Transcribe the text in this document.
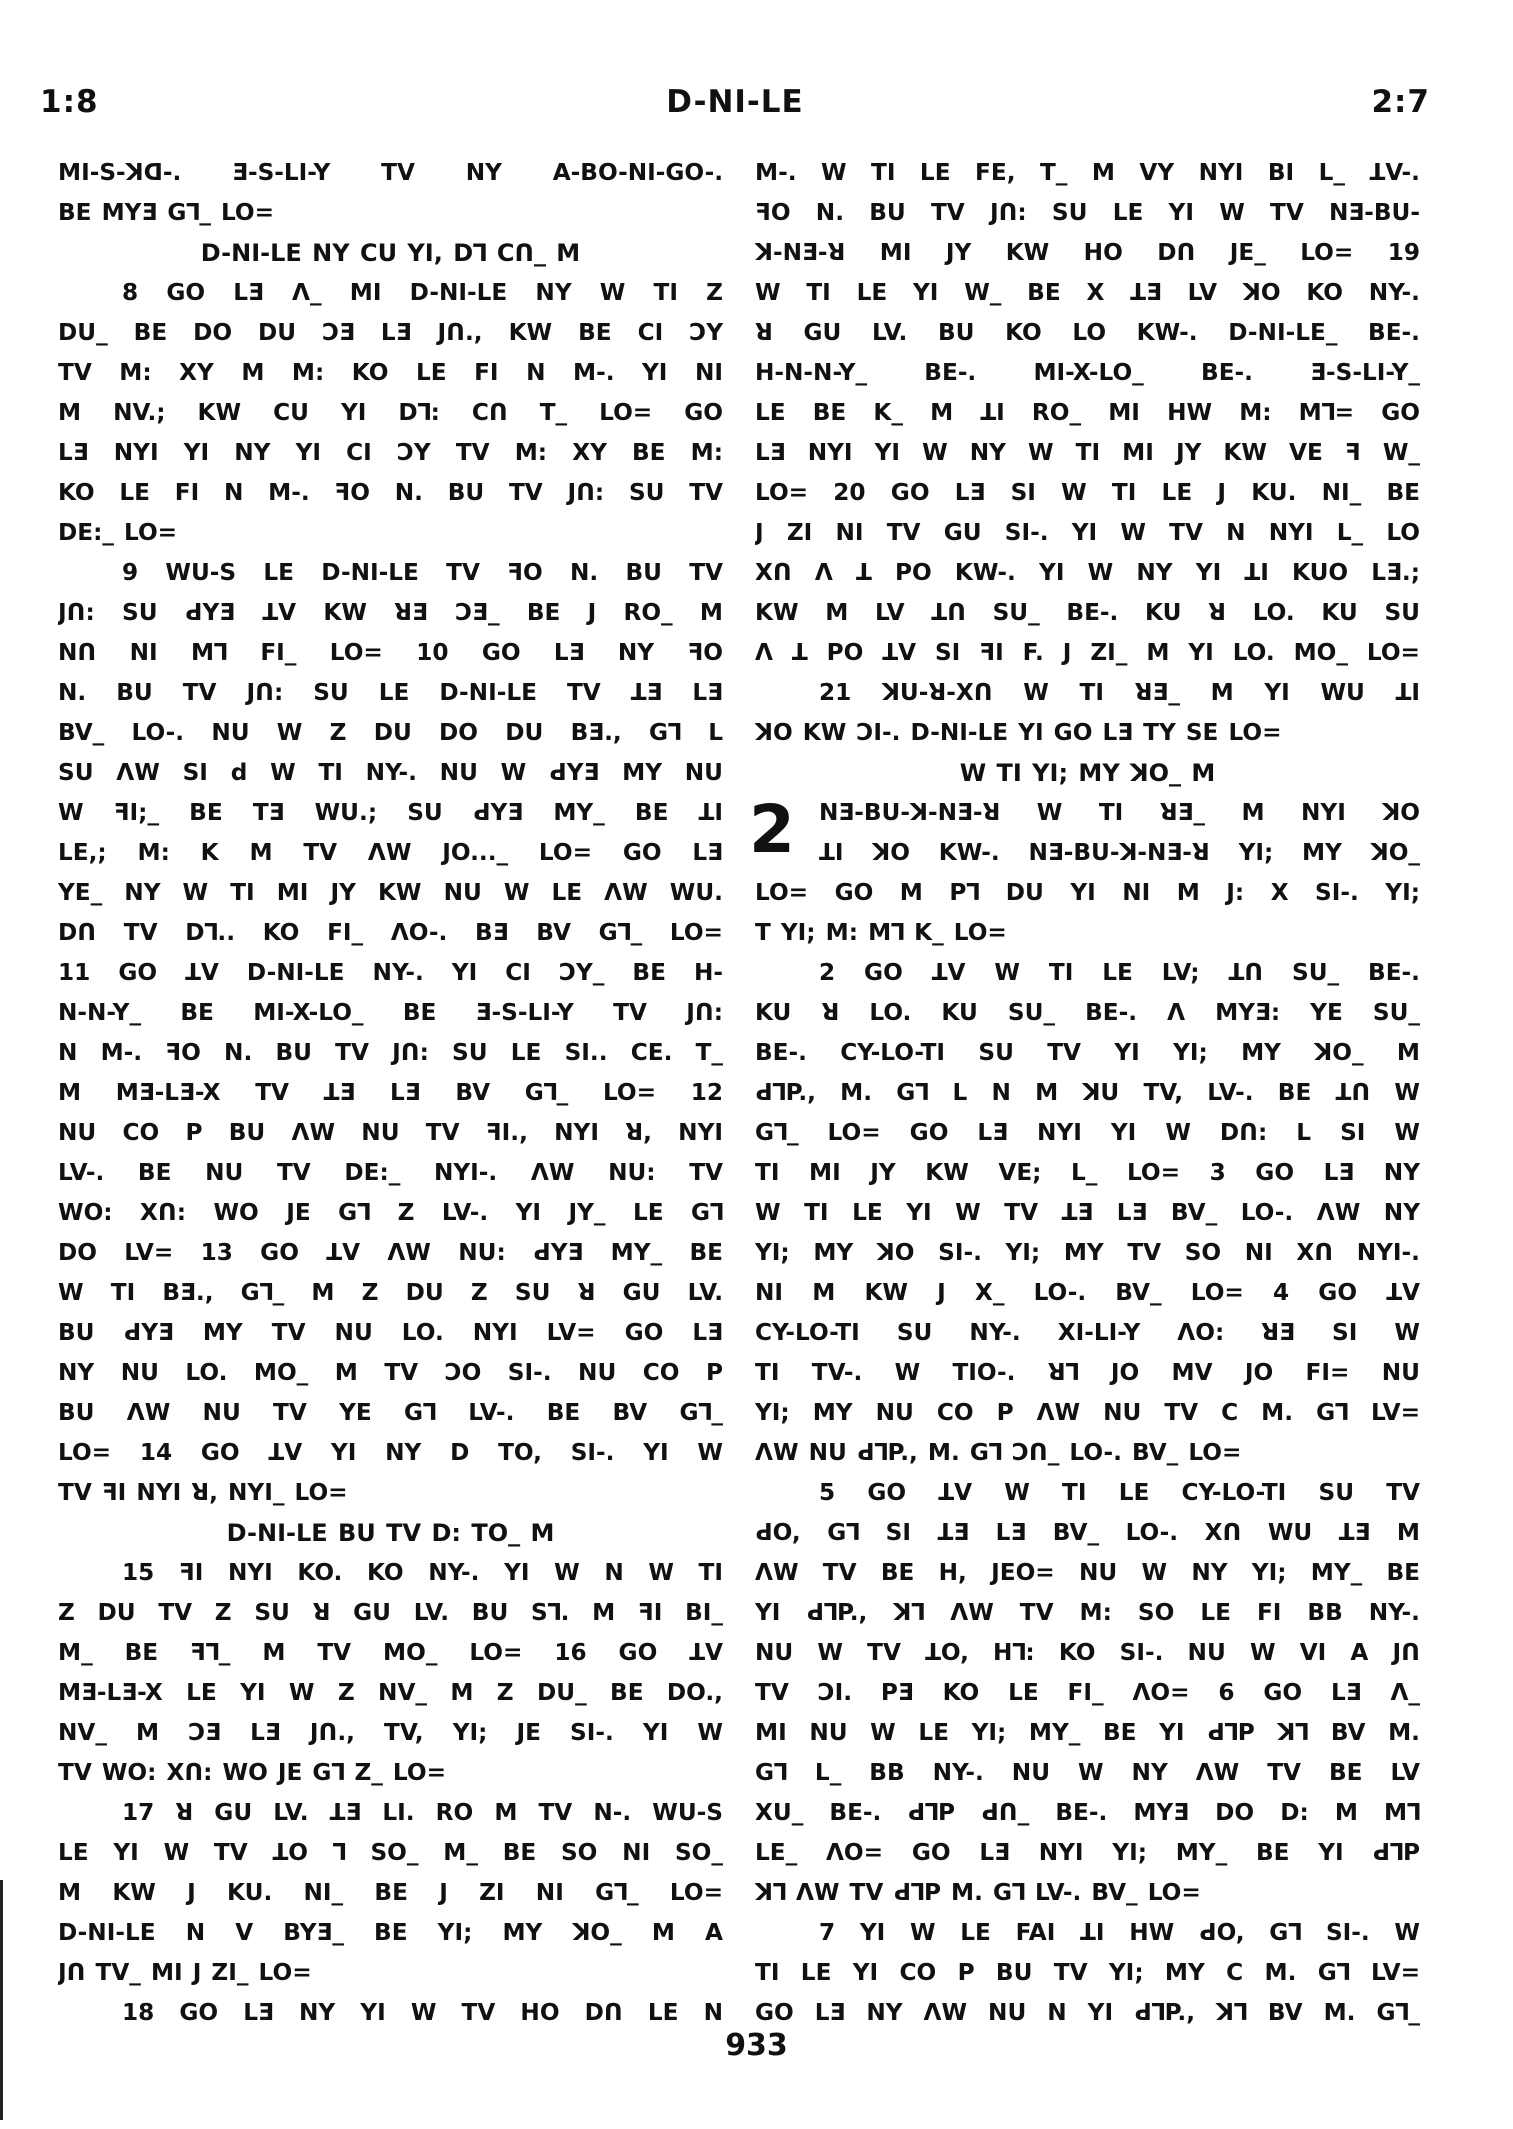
1:8	D-NI-LE	2:7
MI-S-ꓘꓷ-. Ǝ-S-LI-Y TV NY A-BO-NI-GO-.
BE MYƎ G⅂_ LO=
D-NI-LE NY CU YI, D⅂ Cꓵ_ M
8 GO LƎ Λ_ MI D-NI-LE NY W TI Z
DU_ BE DO DU ƆƎ LƎ Jꓵ., KW BE CI ƆY
TV M: XY M M: KO LE FI N M-. YI NI
M NV.; KW CU YI D⅂: Cꓵ T_ LO= GO
LƎ NYI YI NY YI CI ƆY TV M: XY BE M:
KO LE FI N M-. ꟻO N. BU TV Jꓵ: SU TV
DE:_ LO=
9 WU-S LE D-NI-LE TV ꟻO N. BU TV
Jꓵ: SU ԀYƎ ꓕV KW ꓤƎ ƆƎ_ BE J RO_ M
Nꓵ NI M⅂ FI_ LO= 10 GO LƎ NY ꟻO
N. BU TV Jꓵ: SU LE D-NI-LE TV ꓕƎ LƎ
BV_ LO-. NU W Z DU DO DU BƎ., G⅂ L
SU ΛW SI d W TI NY-. NU W ԀYƎ MY NU
W ꟻI;_ BE TƎ WU.; SU ԀYƎ MY_ BE ꓕI
LE,; M: K M TV ΛW JO..._ LO= GO LƎ
YE_ NY W TI MI JY KW NU W LE ΛW WU.
Dꓵ TV D⅂.. KO FI_ ΛO-. BƎ BV G⅂_ LO=
11 GO ꓕV D-NI-LE NY-. YI CI ƆY_ BE H-
N-N-Y_ BE MI-X-LO_ BE Ǝ-S-LI-Y TV Jꓵ:
N M-. ꟻO N. BU TV Jꓵ: SU LE SI.. CE. T_
M MƎ-LƎ-X TV ꓕƎ LƎ BV G⅂_ LO= 12
NU CO P BU ΛW NU TV ꟻI., NYI ꓤ, NYI
LV-. BE NU TV DE:_ NYI-. ΛW NU: TV
WO: Xꓵ: WO JE G⅂ Z LV-. YI JY_ LE G⅂
DO LV= 13 GO ꓕV ΛW NU: ԀYƎ MY_ BE
W TI BƎ., G⅂_ M Z DU Z SU ꓤ GU LV.
BU ԀYƎ MY TV NU LO. NYI LV= GO LƎ
NY NU LO. MO_ M TV ƆO SI-. NU CO P
BU ΛW NU TV YE G⅂ LV-. BE BV G⅂_
LO= 14 GO ꓕV YI NY D TO, SI-. YI W
TV ꟻI NYI ꓤ, NYI_ LO=
D-NI-LE BU TV D: TO_ M
15 ꟻI NYI KO. KO NY-. YI W N W TI
Z DU TV Z SU ꓤ GU LV. BU S⅂. M ꟻI BI_
M_ BE ꟻ⅂_ M TV MO_ LO= 16 GO ꓕV
MƎ-LƎ-X LE YI W Z NV_ M Z DU_ BE DO.,
NV_ M ƆƎ LƎ Jꓵ., TV, YI; JE SI-. YI W
TV WO: Xꓵ: WO JE G⅂ Z_ LO=
17 ꓤ GU LV. ꓕƎ LI. RO M TV N-. WU-S
LE YI W TV ꓕO ⅂ SO_ M_ BE SO NI SO_
M KW J KU. NI_ BE J ZI NI G⅂_ LO=
D-NI-LE N V BYƎ_ BE YI; MY ꓘO_ M A
Jꓵ TV_ MI J ZI_ LO=
18 GO LƎ NY YI W TV HO Dꓵ LE N
M-. W TI LE FE, T_ M VY NYI BI L_ ꓕV-.
ꟻO N. BU TV Jꓵ: SU LE YI W TV NƎ-BU-
ꓘ-NƎ-ꓤ MI JY KW HO Dꓵ JE_ LO= 19
W TI LE YI W_ BE X ꓕƎ LV ꓘO KO NY-.
ꓤ GU LV. BU KO LO KW-. D-NI-LE_ BE-.
H-N-N-Y_ BE-. MI-X-LO_ BE-. Ǝ-S-LI-Y_
LE BE K_ M ꓕI RO_ MI HW M: M⅂= GO
LƎ NYI YI W NY W TI MI JY KW VE ꟻ W_
LO= 20 GO LƎ SI W TI LE J KU. NI_ BE
J ZI NI TV GU SI-. YI W TV N NYI L_ LO
Xꓵ Λ ꓕ PO KW-. YI W NY YI ꓕI KUO LƎ.;
KW M LV ꓕꓵ SU_ BE-. KU ꓤ LO. KU SU
Λ ꓕ PO ꓕV SI ꟻI F. J ZI_ M YI LO. MO_ LO=
21 ꓘU-ꓤ-Xꓵ W TI ꓤƎ_ M YI WU ꓕI
ꓘO KW ƆI-. D-NI-LE YI GO LƎ TY SE LO=
W TI YI; MY ꓘO_ M
2	NƎ-BU-ꓘ-NƎ-ꓤ W TI ꓤƎ_ M NYI ꓘO
ꓕI ꓘO KW-. NƎ-BU-ꓘ-NƎ-ꓤ YI; MY ꓘO_
LO= GO M P⅂ DU YI NI M J: X SI-. YI;
T YI; M: M⅂ K_ LO=
2 GO ꓕV W TI LE LV; ꓕꓵ SU_ BE-.
KU ꓤ LO. KU SU_ BE-. Λ MYƎ: YE SU_
BE-. CY-LO-TI SU TV YI YI; MY ꓘO_ M
ԀꓶP., M. G⅂ L N M ꓘU TV, LV-. BE ꓕꓵ W
G⅂_ LO= GO LƎ NYI YI W Dꓵ: L SI W
TI MI JY KW VE; L_ LO= 3 GO LƎ NY
W TI LE YI W TV ꓕƎ LƎ BV_ LO-. ΛW NY
YI; MY ꓘO SI-. YI; MY TV SO NI Xꓵ NYI-.
NI M KW J X_ LO-. BV_ LO= 4 GO ꓕV
CY-LO-TI SU NY-. XI-LI-Y ΛO: ꓤƎ SI W
TI TV-. W TIO-. ꓤ⅂ JO MV JO FI= NU
YI; MY NU CO P ΛW NU TV C M. G⅂ LV=
ΛW NU ԀꓶP., M. G⅂ Ɔꓵ_ LO-. BV_ LO=
5 GO ꓕV W TI LE CY-LO-TI SU TV
ԀO, G⅂ SI ꓕƎ LƎ BV_ LO-. Xꓵ WU ꓕƎ M
ΛW TV BE H, JEO= NU W NY YI; MY_ BE
YI ԀꓶP., ꓘ⅂ ΛW TV M: SO LE FI BB NY-.
NU W TV ꓕO, H⅂: KO SI-. NU W VI A Jꓵ
TV ƆI. PƎ KO LE FI_ ΛO= 6 GO LƎ Λ_
MI NU W LE YI; MY_ BE YI ԀꓶP ꓘ⅂ BV M.
G⅂ L_ BB NY-. NU W NY ΛW TV BE LV
XU_ BE-. ԀꓶP Ԁꓵ_ BE-. MYƎ DO D: M M⅂
LE_ ΛO= GO LƎ NYI YI; MY_ BE YI ԀꓶP
ꓘ⅂ ΛW TV ԀꓶP M. G⅂ LV-. BV_ LO=
7 YI W LE FAI ꓕI HW ԀO, G⅂ SI-. W
TI LE YI CO P BU TV YI; MY C M. G⅂ LV=
GO LƎ NY ΛW NU N YI ԀꓶP., ꓘ⅂ BV M. G⅂_
933
